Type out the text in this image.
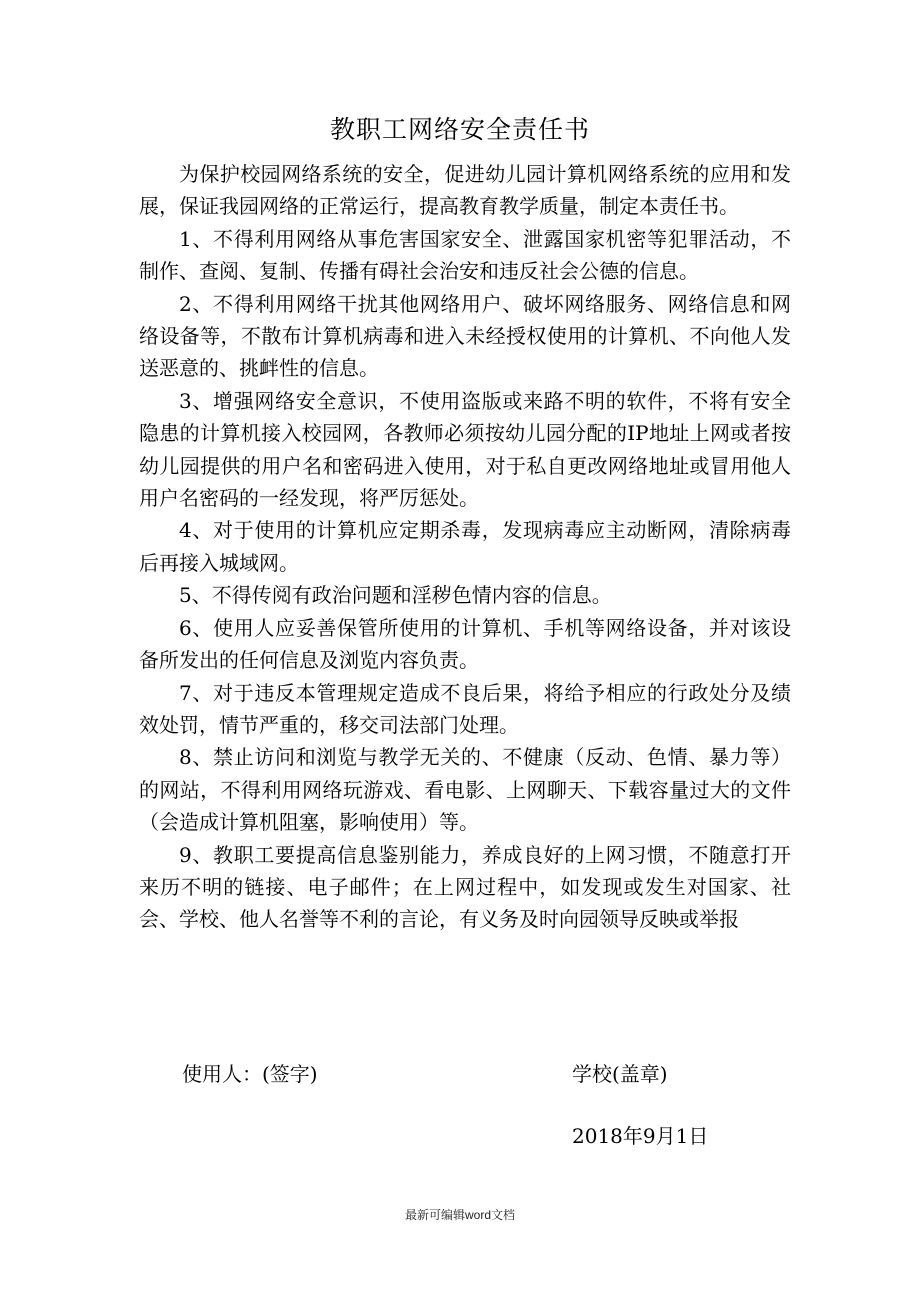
教职工网络安全责任书

为保护校园网络系统的安全，促进幼儿园计算机网络系统的应用和发展，保证我园网络的正常运行，提高教育教学质量，制定本责任书。

1、不得利用网络从事危害国家安全、泄露国家机密等犯罪活动，不制作、查阅、复制、传播有碍社会治安和违反社会公德的信息。

2、不得利用网络干扰其他网络用户、破坏网络服务、网络信息和网络设备等，不散布计算机病毒和进入未经授权使用的计算机、不向他人发送恶意的、挑衅性的信息。

3、增强网络安全意识，不使用盗版或来路不明的软件，不将有安全隐患的计算机接入校园网，各教师必须按幼儿园分配的IP地址上网或者按幼儿园提供的用户名和密码进入使用，对于私自更改网络地址或冒用他人用户名密码的一经发现，将严厉惩处。

4、对于使用的计算机应定期杀毒，发现病毒应主动断网，清除病毒后再接入城域网。

5、不得传阅有政治问题和淫秽色情内容的信息。

6、使用人应妥善保管所使用的计算机、手机等网络设备，并对该设备所发出的任何信息及浏览内容负责。

7、对于违反本管理规定造成不良后果，将给予相应的行政处分及绩效处罚，情节严重的，移交司法部门处理。

8、禁止访问和浏览与教学无关的、不健康（反动、色情、暴力等）的网站，不得利用网络玩游戏、看电影、上网聊天、下载容量过大的文件（会造成计算机阻塞，影响使用）等。

9、教职工要提高信息鉴别能力，养成良好的上网习惯，不随意打开来历不明的链接、电子邮件；在上网过程中，如发现或发生对国家、社会、学校、他人名誉等不利的言论，有义务及时向园领导反映或举报

使用人：(签字)	学校(盖章)
2018年9月1日
最新可编辑word文档
